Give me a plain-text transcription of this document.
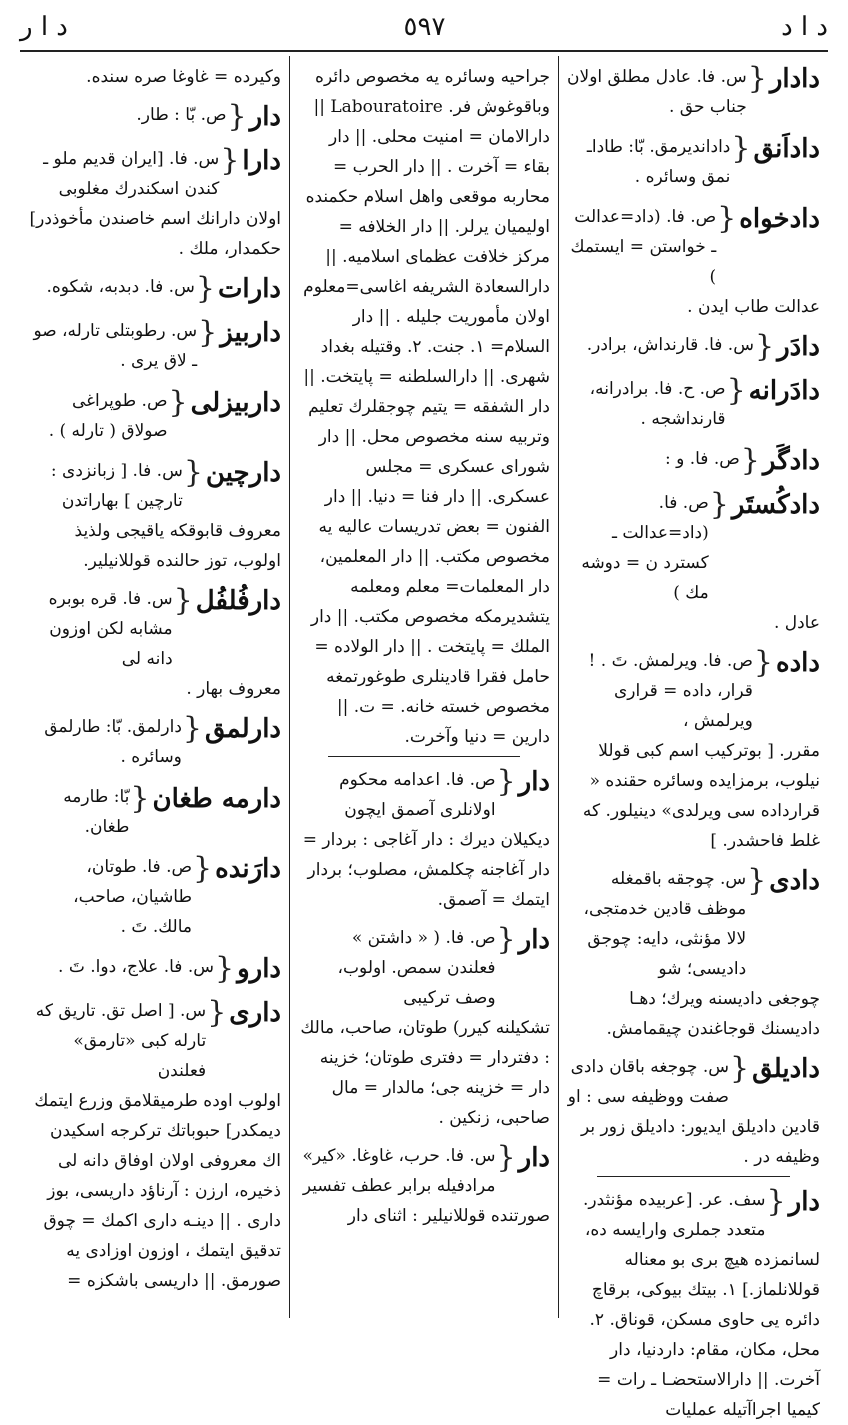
د ا د
٥٩٧
د ا ر
دادار
{
س. فا. عادل مطلق اولان جناب حق .
داداَنق
{
دادانديرمق. بّا: طاداـ نمق وسائره .
دادخواه
{
ص. فا. (داد=عدالت ـ خواستن = ايستمك )
عدالت طاب ايدن .
دادَر
{
س. فا. قارنداش، برادر.
دادَرانه
{
ص. ح. فا. برادرانه، قارنداشجه .
دادگَر
{
ص. فا. و :
دادكُستَر
{
ص. فا. (داد=عدالت ـ كسترد ن = دوشه مك )
عادل .
داده
{
ص. فا. ويرلمش. تَ . ! قرار، داده = قرارى ويرلمش ،
مقرر. [ بوتركيب اسم كبى قوللا نيلوب، برمزايده وسائره حقنده « قرارداده سى ويرلدى» دينيلور. كه غلط فاحشدر. ]
دادى
{
س. چوجقه باقمغله موظف قادين خدمتجى، لالا مؤنثى، دايه: چوجق داديسى؛ شو
چوجغى داديسنه ويرك؛ دهـا داديسنك قوجاغندن چيقمامش.
داديلق
{
س. چوجغه باقان دادى صفت ووظيفه سى : او
قادين داديلق ايديور: داديلق زور بر وظيفه در .
دار
{
سف. عر. [عربيده مؤنثدر. متعدد جملرى وارايسه ده،
لسانمزده هيچ برى بو معناله قوللانلماز.] ١. بيتك بيوكى، برقاچ دائره يى حاوى مسكن، قوناق. ٢. محل، مكان، مقام: داردنيا، دار آخرت. || دارالاستحضـا ـ رات = كيميا اجراآتيله عمليات
جراحيه وسائره يه مخصوص دائره وباقوغوش فر. Labouratoire || دارالامان = امنيت محلى. || دار بقاء = آخرت . || دار الحرب = محاربه موقعى واهل اسلام حكمنده اوليميان يرلر. || دار الخلافه = مركز خلافت عظماى اسلاميه. || دارالسعادة الشريفه اغاسى=معلوم اولان مأموريت جليله . || دار السلام= ١. جنت. ٢. وقتيله بغداد شهرى. || دارالسلطنه = پايتخت. || دار الشفقه = يتيم چوجقلرك تعليم وتربيه سنه مخصوص محل. || دار شوراى عسكرى = مجلس عسكرى. || دار فنا = دنيا. || دار الفنون = بعض تدريسات عاليه يه مخصوص مكتب. || دار المعلمين، دار المعلمات= معلم ومعلمه يتشديرمكه مخصوص مكتب. || دار الملك = پايتخت . || دار الولاده = حامل فقرا قادينلرى طوغورتمغه مخصوص خسته خانه. = ت. || دارين = دنيا وآخرت.
دار
{
ص. فا. اعدامه محكوم اولانلرى آصمق ايچون
ديكيلان ديرك : دار آغاجى : بردار = دار آغاجنه چكلمش، مصلوب؛ بردار ايتمك = آصمق.
دار
{
ص. فا. ( « داشتن » فعلندن سمص. اولوب، وصف تركيبى
تشكيلنه كيرر) طوتان، صاحب، مالك : دفتردار = دفترى طوتان؛ خزينه دار = خزينه جى؛ مالدار = مال صاحبى، زنكين .
دار
{
س. فا. حرب، غاوغا. «كير» مرادفيله برابر عطف تفسير
صورتنده قوللانيلير : اثناى دار
وكيرده = غاوغا صره سنده.
دار
{
ص. بّا : طار.
دارا
{
س. فا. [ايران قديم ملو ـ كندن اسكندرك مغلوبى
اولان دارانك اسم خاصندن مأخوذدر] حكمدار، ملك .
دارات
{
س. فا. دبدبه، شكوه.
داربيز
{
س. رطوبتلى تارله، صو ـ لاق يرى .
داربيزلى
{
ص. طوپراغى صولاق ( تارله ) .
دارچين
{
س. فا. [ زبانزدى : تارچين ] بهاراتدن
معروف قابوقكه ياقيجى ولذيذ اولوب، توز حالنده قوللانيلير.
دارفُلفُل
{
س. فا. قره بوبره مشابه لكن اوزون دانه لى
معروف بهار .
دارلمق
{
دارلمق. بّا: طارلمق وسائره .
دارمه طغان
{
بّا: طارمه طغان.
دارَنده
{
ص. فا. طوتان، طاشيان، صاحب، مالك. تَ .
دارو
{
س. فا. علاج، دوا. تَ .
دارى
{
س. [ اصل تق. تاريق كه تارله كبى «تارمق» فعلندن
اولوب اوده طرميقلامق وزرع ايتمك ديمكدر] حبوباتك تركرجه اسكيدن اك معروفى اولان اوفاق دانه لى ذخيره، ارزن : آرناؤد داريسى، بوز دارى . || دينـه دارى اكمك = چوق تدقيق ايتمك ، اوزون اوزادى يه صورمق. || داريسى باشكزه =
